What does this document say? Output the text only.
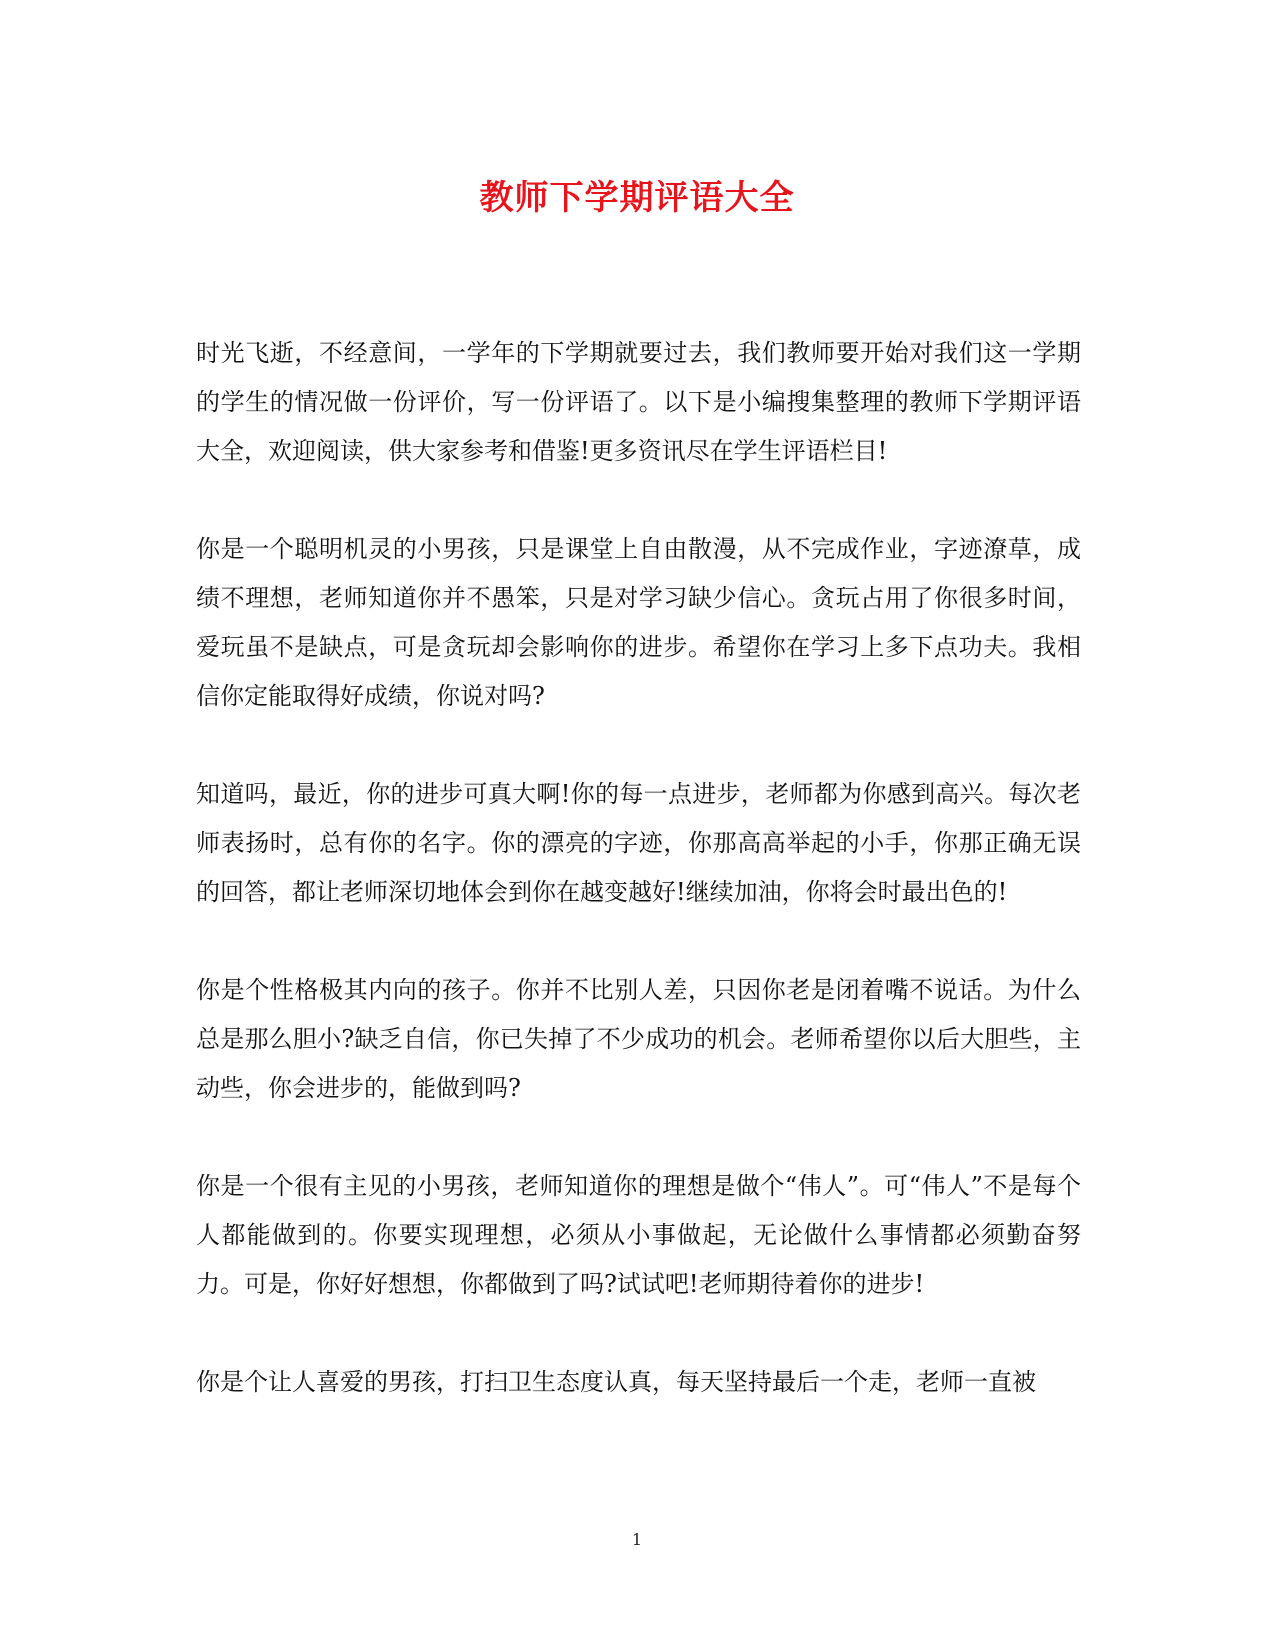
教师下学期评语大全

时光飞逝，不经意间，一学年的下学期就要过去，我们教师要开始对我们这一学期的学生的情况做一份评价，写一份评语了。以下是小编搜集整理的教师下学期评语大全，欢迎阅读，供大家参考和借鉴!更多资讯尽在学生评语栏目!

你是一个聪明机灵的小男孩，只是课堂上自由散漫，从不完成作业，字迹潦草，成绩不理想，老师知道你并不愚笨，只是对学习缺少信心。贪玩占用了你很多时间，爱玩虽不是缺点，可是贪玩却会影响你的进步。希望你在学习上多下点功夫。我相信你定能取得好成绩，你说对吗?

知道吗，最近，你的进步可真大啊!你的每一点进步，老师都为你感到高兴。每次老师表扬时，总有你的名字。你的漂亮的字迹，你那高高举起的小手，你那正确无误的回答，都让老师深切地体会到你在越变越好!继续加油，你将会时最出色的!

你是个性格极其内向的孩子。你并不比别人差，只因你老是闭着嘴不说话。为什么总是那么胆小?缺乏自信，你已失掉了不少成功的机会。老师希望你以后大胆些，主动些，你会进步的，能做到吗?

你是一个很有主见的小男孩，老师知道你的理想是做个“伟人”。可“伟人”不是每个人都能做到的。你要实现理想，必须从小事做起，无论做什么事情都必须勤奋努力。可是，你好好想想，你都做到了吗?试试吧!老师期待着你的进步!

你是个让人喜爱的男孩，打扫卫生态度认真，每天坚持最后一个走，老师一直被

1
